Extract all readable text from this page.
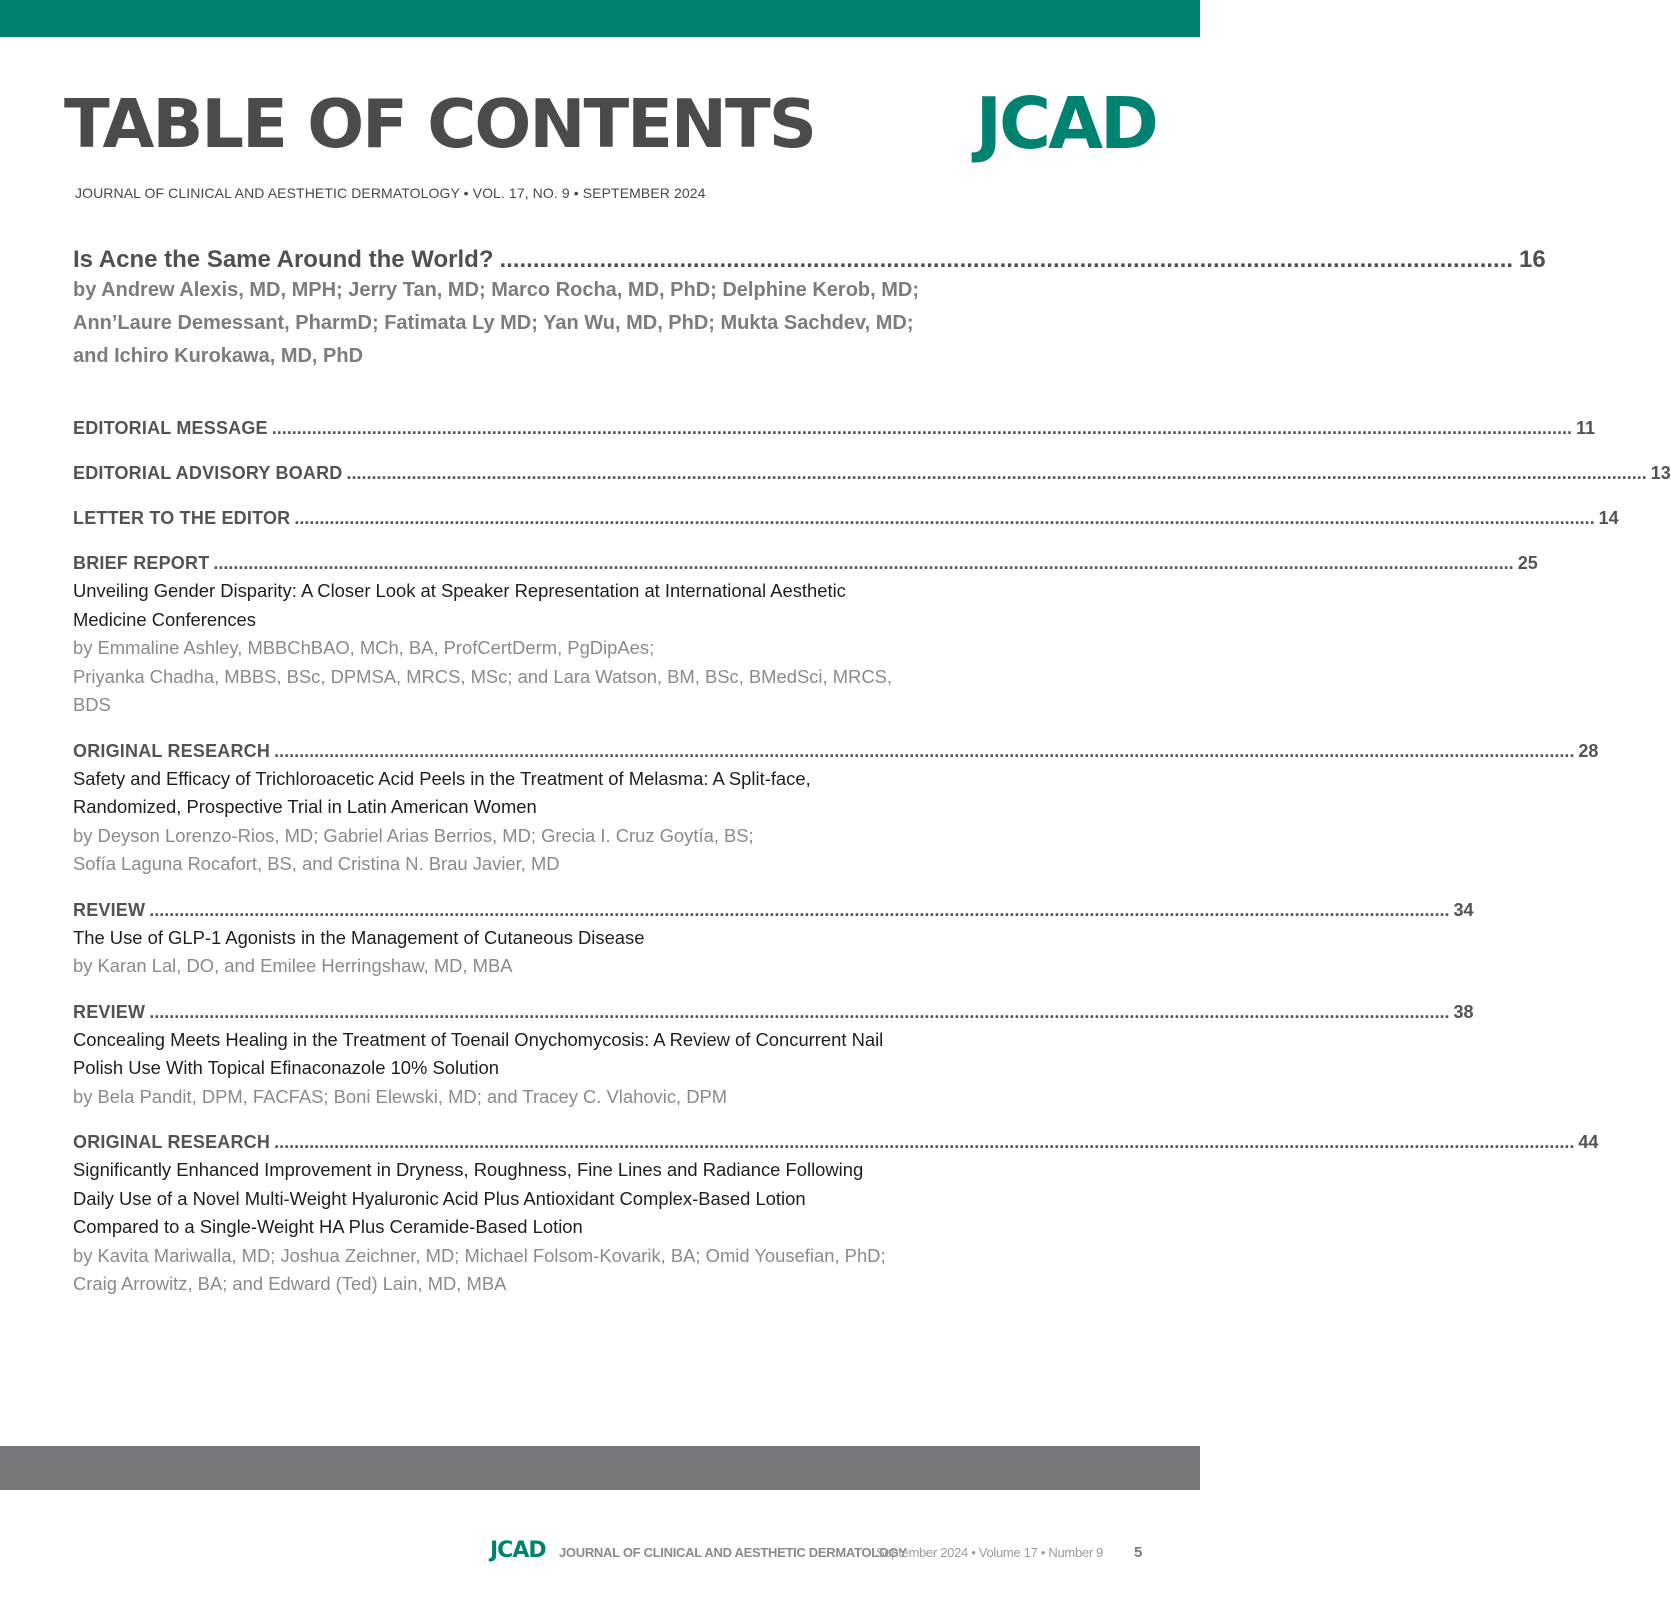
TABLE OF CONTENTS JCAD
JOURNAL OF CLINICAL AND AESTHETIC DERMATOLOGY • VOL. 17, NO. 9 • SEPTEMBER 2024
Is Acne the Same Around the World? ........................................................................................................................................................ 16
by Andrew Alexis, MD, MPH; Jerry Tan, MD; Marco Rocha, MD, PhD; Delphine Kerob, MD;
Ann’Laure Demessant, PharmD; Fatimata Ly MD; Yan Wu, MD, PhD; Mukta Sachdev, MD;
and Ichiro Kurokawa, MD, PhD
EDITORIAL MESSAGE .................................................................................................................................................................................................................................................................... 11
EDITORIAL ADVISORY BOARD .................................................................................................................................................................................................................................................................... 13
LETTER TO THE EDITOR .................................................................................................................................................................................................................................................................... 14
BRIEF REPORT .................................................................................................................................................................................................................................................................... 25
Unveiling Gender Disparity: A Closer Look at Speaker Representation at International Aesthetic
Medicine Conferences
by Emmaline Ashley, MBBChBAO, MCh, BA, ProfCertDerm, PgDipAes;
Priyanka Chadha, MBBS, BSc, DPMSA, MRCS, MSc; and Lara Watson, BM, BSc, BMedSci, MRCS, BDS
ORIGINAL RESEARCH .................................................................................................................................................................................................................................................................... 28
Safety and Efficacy of Trichloroacetic Acid Peels in the Treatment of Melasma: A Split-face,
Randomized, Prospective Trial in Latin American Women
by Deyson Lorenzo-Rios, MD; Gabriel Arias Berrios, MD; Grecia I. Cruz Goytía, BS;
Sofía Laguna Rocafort, BS, and Cristina N. Brau Javier, MD
REVIEW .................................................................................................................................................................................................................................................................... 34
The Use of GLP-1 Agonists in the Management of Cutaneous Disease
by Karan Lal, DO, and Emilee Herringshaw, MD, MBA
REVIEW .................................................................................................................................................................................................................................................................... 38
Concealing Meets Healing in the Treatment of Toenail Onychomycosis: A Review of Concurrent Nail
Polish Use With Topical Efinaconazole 10% Solution
by Bela Pandit, DPM, FACFAS; Boni Elewski, MD; and Tracey C. Vlahovic, DPM
ORIGINAL RESEARCH .................................................................................................................................................................................................................................................................... 44
Significantly Enhanced Improvement in Dryness, Roughness, Fine Lines and Radiance Following
Daily Use of a Novel Multi-Weight Hyaluronic Acid Plus Antioxidant Complex-Based Lotion
Compared to a Single-Weight HA Plus Ceramide-Based Lotion
by Kavita Mariwalla, MD; Joshua Zeichner, MD; Michael Folsom-Kovarik, BA; Omid Yousefian, PhD;
Craig Arrowitz, BA; and Edward (Ted) Lain, MD, MBA
JCAD JOURNAL OF CLINICAL AND AESTHETIC DERMATOLOGY
September 2024 • Volume 17 • Number 9 5
